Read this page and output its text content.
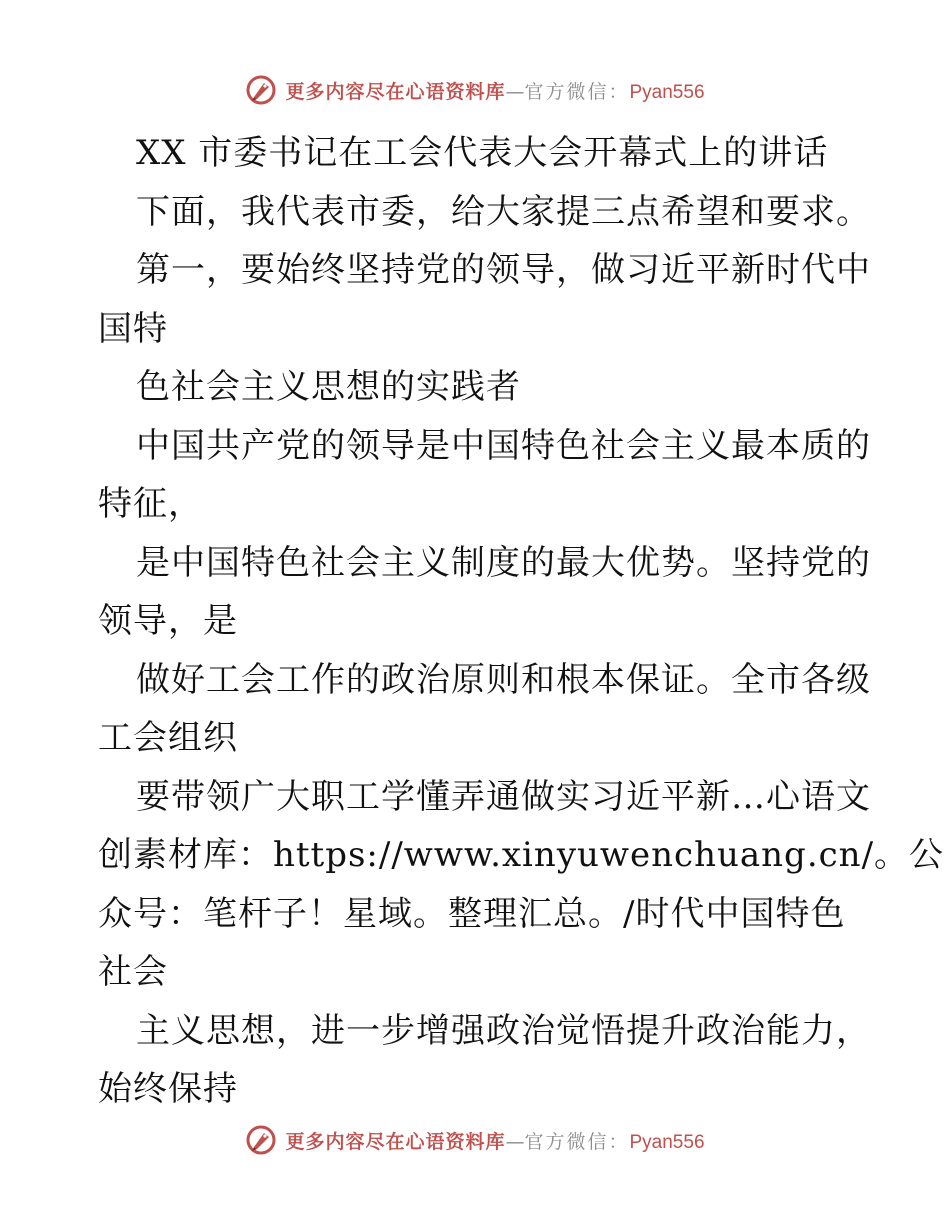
更多内容尽在心语资料库 — 官方微信： Pyan556
XX 市委书记在工会代表大会开幕式上的讲话
下面，我代表市委，给大家提三点希望和要求。
第一，要始终坚持党的领导，做习近平新时代中
国特
色社会主义思想的实践者
中国共产党的领导是中国特色社会主义最本质的
特征，
是中国特色社会主义制度的最大优势。坚持党的
领导，是
做好工会工作的政治原则和根本保证。全市各级
工会组织
要带领广大职工学懂弄通做实习近平新…心语文
创素材库：https://www.xinyuwenchuang.cn/。公
众号：笔杆子！星域。整理汇总。/时代中国特色
社会
主义思想，进一步增强政治觉悟提升政治能力，
始终保持
更多内容尽在心语资料库 — 官方微信： Pyan556
